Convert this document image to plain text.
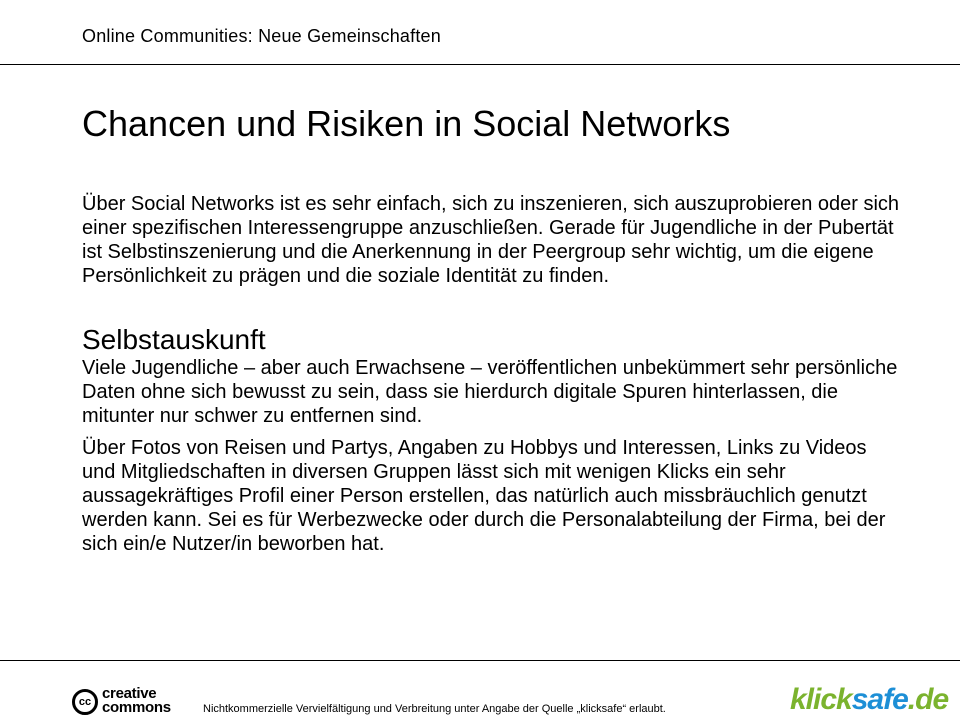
Online Communities: Neue Gemeinschaften
Chancen und Risiken in Social Networks

Über Social Networks ist es sehr einfach, sich zu inszenieren, sich auszuprobieren oder sich einer spezifischen Interessengruppe anzuschließen. Gerade für Jugendliche in der Pubertät ist Selbstinszenierung und die Anerkennung in der Peergroup sehr wichtig, um die eigene Persönlichkeit zu prägen und die soziale Identität zu finden.

Selbstauskunft

Viele Jugendliche – aber auch Erwachsene – veröffentlichen unbekümmert sehr persönliche Daten ohne sich bewusst zu sein, dass sie hierdurch digitale Spuren hinterlassen, die mitunter nur schwer zu entfernen sind.

Über Fotos von Reisen und Partys, Angaben zu Hobbys und Interessen, Links zu Videos und Mitgliedschaften in diversen Gruppen lässt sich mit wenigen Klicks ein sehr aussagekräftiges Profil einer Person erstellen, das natürlich auch missbräuchlich genutzt werden kann. Sei es für Werbezwecke oder durch die Personalabteilung der Firma, bei der sich ein/e Nutzer/in beworben hat.

cc creative
commons	Nichtkommerzielle Vervielfältigung und Verbreitung unter Angabe der Quelle „klicksafe“ erlaubt.	klicksafe.de
